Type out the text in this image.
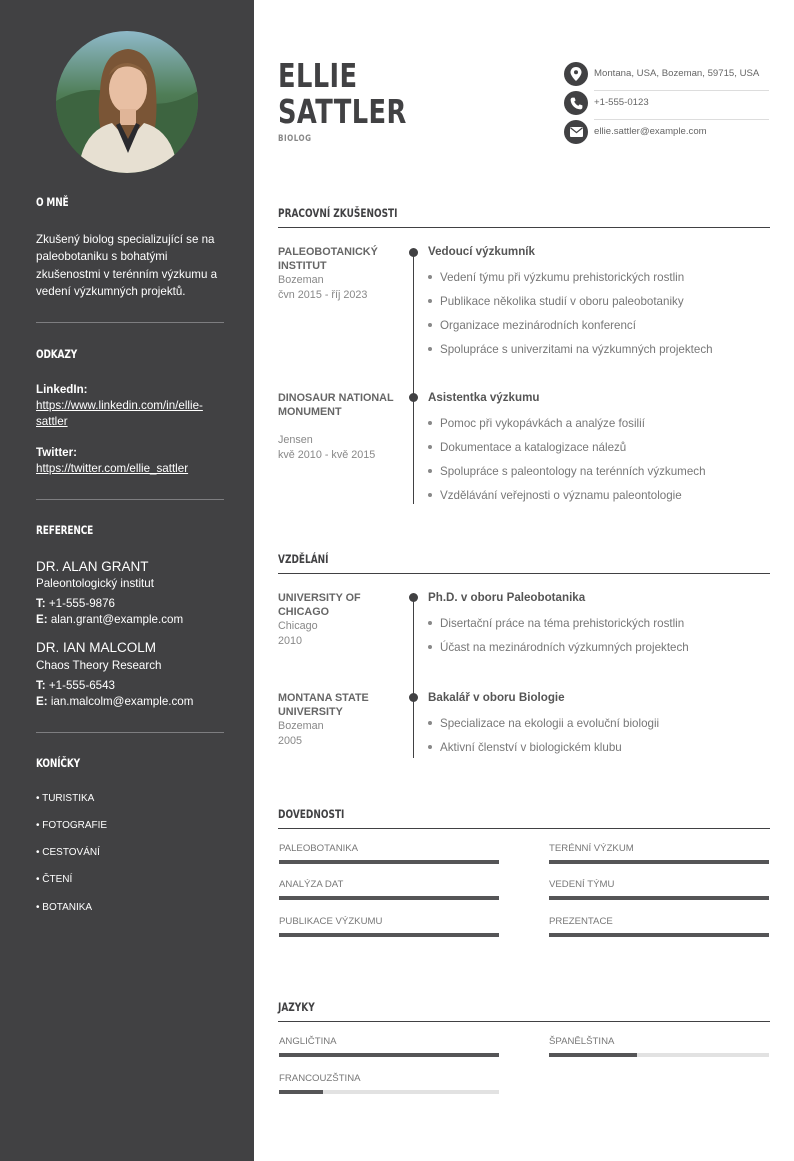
O MNĚ
Zkušený biolog specializující se na paleobotaniku s bohatými zkušenostmi v terénním výzkumu a vedení výzkumných projektů.
ODKAZY
LinkedIn:
https://www.linkedin.com/in/ellie-sattler
Twitter:
https://twitter.com/ellie_sattler
REFERENCE
DR. ALAN GRANT
Paleontologický institut
T: +1-555-9876
E: alan.grant@example.com
DR. IAN MALCOLM
Chaos Theory Research
T: +1-555-6543
E: ian.malcolm@example.com
KONÍČKY
• TURISTIKA
• FOTOGRAFIE
• CESTOVÁNÍ
• ČTENÍ
• BOTANIKA
ELLIE
SATTLER
BIOLOG
Montana, USA, Bozeman, 59715, USA
+1-555-0123
ellie.sattler@example.com
PRACOVNÍ ZKUŠENOSTI
PALEOBOTANICKÝ INSTITUT
Bozeman
čvn 2015 - říj 2023
Vedoucí výzkumník
Vedení týmu při výzkumu prehistorických rostlin
Publikace několika studií v oboru paleobotaniky
Organizace mezinárodních konferencí
Spolupráce s univerzitami na výzkumných projektech
DINOSAUR NATIONAL MONUMENT
Jensen
kvě 2010 - kvě 2015
Asistentka výzkumu
Pomoc při vykopávkách a analýze fosilií
Dokumentace a katalogizace nálezů
Spolupráce s paleontology na terénních výzkumech
Vzdělávání veřejnosti o významu paleontologie
VZDĚLÁNÍ
UNIVERSITY OF CHICAGO
Chicago
2010
Ph.D. v oboru Paleobotanika
Disertační práce na téma prehistorických rostlin
Účast na mezinárodních výzkumných projektech
MONTANA STATE UNIVERSITY
Bozeman
2005
Bakalář v oboru Biologie
Specializace na ekologii a evoluční biologii
Aktivní členství v biologickém klubu
DOVEDNOSTI
PALEOBOTANIKA	TERÉNNÍ VÝZKUM
ANALÝZA DAT	VEDENÍ TÝMU
PUBLIKACE VÝZKUMU	PREZENTACE
JAZYKY
ANGLIČTINA	ŠPANĚLŠTINA
FRANCOUZŠTINA
